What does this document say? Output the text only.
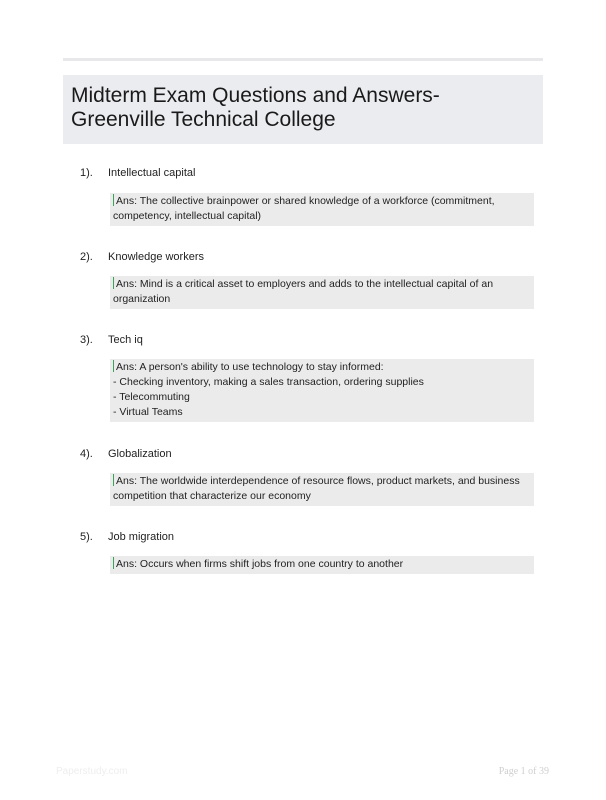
Midterm Exam Questions and Answers-
Greenville Technical College
1). Intellectual capital
Ans: The collective brainpower or shared knowledge of a workforce (commitment,
competency, intellectual capital)
2). Knowledge workers
Ans: Mind is a critical asset to employers and adds to the intellectual capital of an
organization
3). Tech iq
Ans: A person's ability to use technology to stay informed:
- Checking inventory, making a sales transaction, ordering supplies
- Telecommuting
- Virtual Teams
4). Globalization
Ans: The worldwide interdependence of resource flows, product markets, and business
competition that characterize our economy
5). Job migration
Ans: Occurs when firms shift jobs from one country to another
Paperstudy.com	Page 1 of 39
